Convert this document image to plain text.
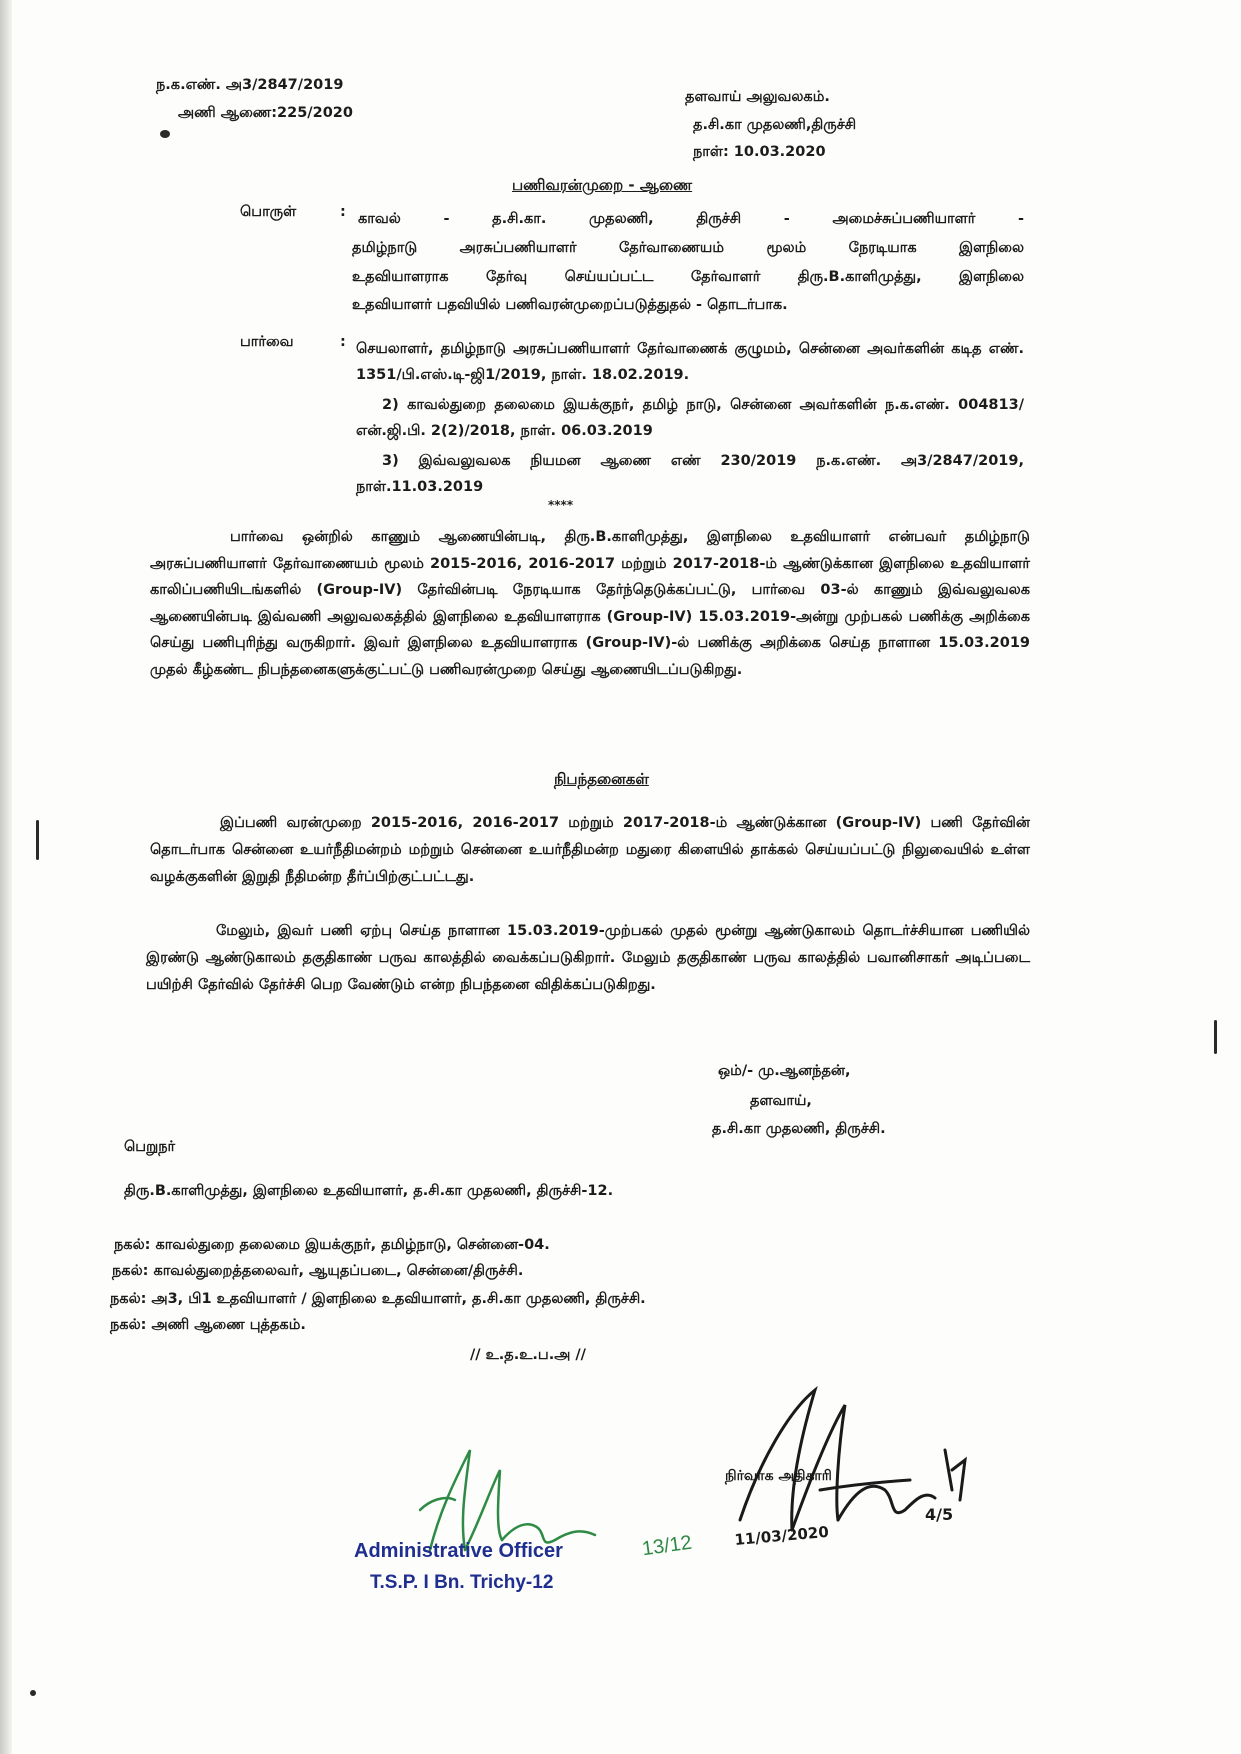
ந.க.எண். அ3/2847/2019
அணி ஆணை:225/2020
தளவாய் அலுவலகம்.
த.சி.கா முதலணி,திருச்சி
நாள்: 10.03.2020
பணிவரன்முறை - ஆணை
பொருள்	: காவல் - த.சி.கா. முதலணி, திருச்சி - அமைச்சுப்பணியாளர் -
தமிழ்நாடு அரசுப்பணியாளர் தேர்வாணையம் மூலம் நேரடியாக இளநிலை
உதவியாளராக தேர்வு செய்யப்பட்ட தேர்வாளர் திரு.B.காளிமுத்து, இளநிலை
உதவியாளர் பதவியில் பணிவரன்முறைப்படுத்துதல் - தொடர்பாக.
பார்வை	: செயலாளர், தமிழ்நாடு அரசுப்பணியாளர் தேர்வாணைக் குழுமம், சென்னை அவர்களின் கடித எண். 1351/பி.எஸ்.டி-ஜி1/2019, நாள். 18.02.2019.
2) காவல்துறை தலைமை இயக்குநர், தமிழ் நாடு, சென்னை அவர்களின் ந.க.எண். 004813/என்.ஜி.பி. 2(2)/2018, நாள். 06.03.2019
3) இவ்வலுவலக நியமன ஆணை எண் 230/2019 ந.க.எண். அ3/2847/2019, நாள்.11.03.2019
****
பார்வை ஒன்றில் காணும் ஆணையின்படி, திரு.B.காளிமுத்து, இளநிலை உதவியாளர் என்பவர் தமிழ்நாடு அரசுப்பணியாளர் தேர்வாணையம் மூலம் 2015-2016, 2016-2017 மற்றும் 2017-2018-ம் ஆண்டுக்கான இளநிலை உதவியாளர் காலிப்பணியிடங்களில் (Group-IV) தேர்வின்படி நேரடியாக தேர்ந்தெடுக்கப்பட்டு, பார்வை 03-ல் காணும் இவ்வலுவலக ஆணையின்படி இவ்வணி அலுவலகத்தில் இளநிலை உதவியாளராக (Group-IV) 15.03.2019-அன்று முற்பகல் பணிக்கு அறிக்கை செய்து பணிபுரிந்து வருகிறார். இவர் இளநிலை உதவியாளராக (Group-IV)-ல் பணிக்கு அறிக்கை செய்த நாளான 15.03.2019 முதல் கீழ்கண்ட நிபந்தனைகளுக்குட்பட்டு பணிவரன்முறை செய்து ஆணையிடப்படுகிறது.
நிபந்தனைகள்
இப்பணி வரன்முறை 2015-2016, 2016-2017 மற்றும் 2017-2018-ம் ஆண்டுக்கான (Group-IV) பணி தேர்வின் தொடர்பாக சென்னை உயர்நீதிமன்றம் மற்றும் சென்னை உயர்நீதிமன்ற மதுரை கிளையில் தாக்கல் செய்யப்பட்டு நிலுவையில் உள்ள வழக்குகளின் இறுதி நீதிமன்ற தீர்ப்பிற்குட்பட்டது.
மேலும், இவர் பணி ஏற்பு செய்த நாளான 15.03.2019-முற்பகல் முதல் மூன்று ஆண்டுகாலம் தொடர்ச்சியான பணியில் இரண்டு ஆண்டுகாலம் தகுதிகாண் பருவ காலத்தில் வைக்கப்படுகிறார். மேலும் தகுதிகாண் பருவ காலத்தில் பவானிசாகர் அடிப்படை பயிற்சி தேர்வில் தேர்ச்சி பெற வேண்டும் என்ற நிபந்தனை விதிக்கப்படுகிறது.
ஒம்/- மு.ஆனந்தன்,
தளவாய்,
த.சி.கா முதலணி, திருச்சி.
பெறுநர்
திரு.B.காளிமுத்து, இளநிலை உதவியாளர், த.சி.கா முதலணி, திருச்சி-12.
நகல்: காவல்துறை தலைமை இயக்குநர், தமிழ்நாடு, சென்னை-04.
நகல்: காவல்துறைத்தலைவர், ஆயுதப்படை, சென்னை/திருச்சி.
நகல்: அ3, பி1 உதவியாளர் / இளநிலை உதவியாளர், த.சி.கா முதலணி, திருச்சி.
நகல்: அணி ஆணை புத்தகம்.
// உ.த.உ.ப.அ //
நிர்வாக அதிகாரி
11/03/2020
4/5
Administrative Officer
T.S.P. I Bn. Trichy-12
13/12
